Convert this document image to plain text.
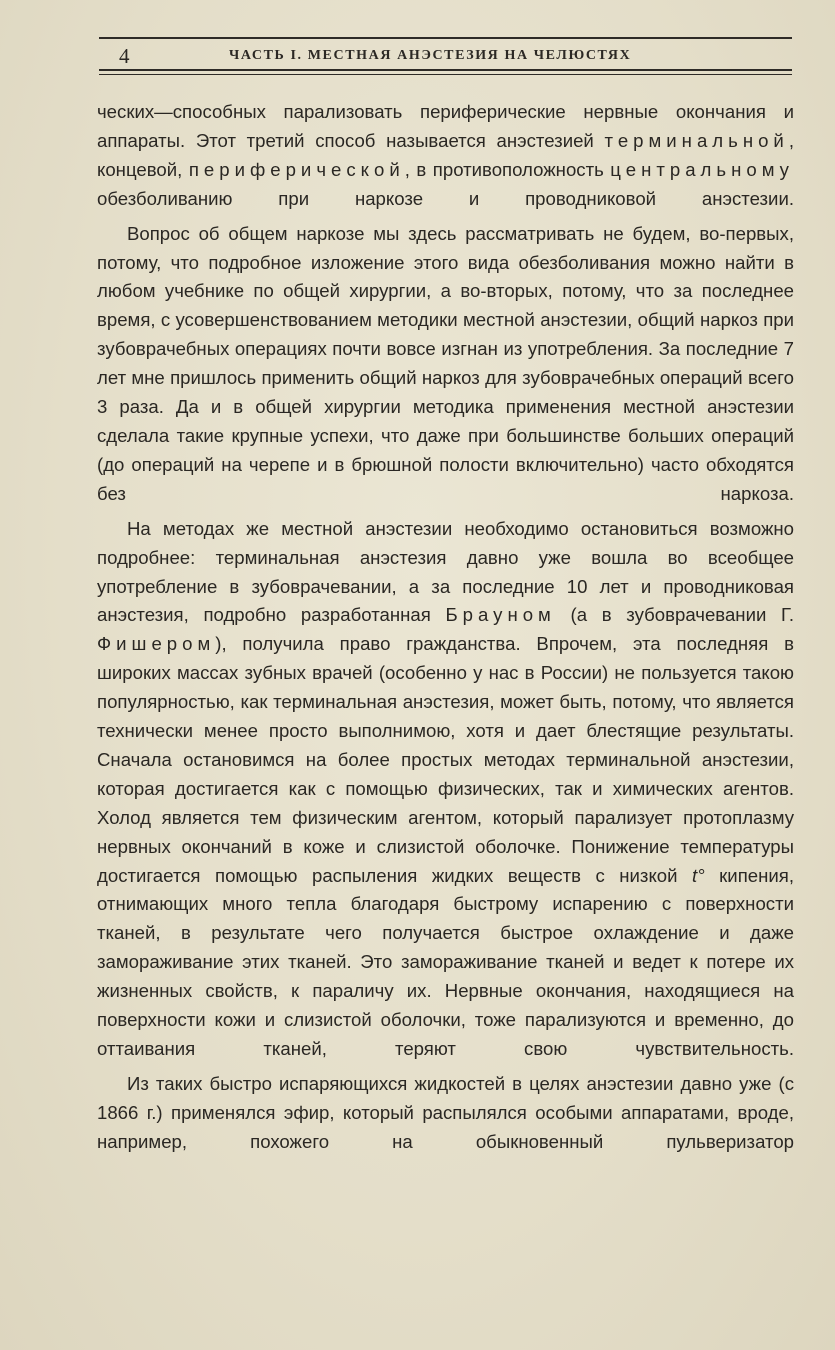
4	ЧАСТЬ I. МЕСТНАЯ АНЭСТЕЗИЯ НА ЧЕЛЮСТЯХ

ческих—способных парализовать периферические нервные окончания и аппараты. Этот третий способ называется анэстезией терминальной, концевой, периферической, в противоположность центральному обезболиванию при наркозе и проводниковой анэстезии.

Вопрос об общем наркозе мы здесь рассматривать не будем, во-первых, потому, что подробное изложение этого вида обезболивания можно найти в любом учебнике по общей хирургии, а во-вторых, потому, что за последнее время, с усовершенствованием методики местной анэстезии, общий наркоз при зубоврачебных операциях почти вовсе изгнан из употребления. За последние 7 лет мне пришлось применить общий наркоз для зубоврачебных операций всего 3 раза. Да и в общей хирургии методика применения местной анэстезии сделала такие крупные успехи, что даже при большинстве больших операций (до операций на черепе и в брюшной полости включительно) часто обходятся без наркоза.

На методах же местной анэстезии необходимо остановиться возможно подробнее: терминальная анэстезия давно уже вошла во всеобщее употребление в зубоврачевании, а за последние 10 лет и проводниковая анэстезия, подробно разработанная Брауном (а в зубоврачевании Г. Фишером), получила право гражданства. Впрочем, эта последняя в широких массах зубных врачей (особенно у нас в России) не пользуется такою популярностью, как терминальная анэстезия, может быть, потому, что является технически менее просто выполнимою, хотя и дает блестящие результаты. Сначала остановимся на более простых методах терминальной анэстезии, которая достигается как с помощью физических, так и химических агентов. Холод является тем физическим агентом, который парализует протоплазму нервных окончаний в коже и слизистой оболочке. Понижение температуры достигается помощью распыления жидких веществ с низкой t° кипения, отнимающих много тепла благодаря быстрому испарению с поверхности тканей, в результате чего получается быстрое охлаждение и даже замораживание этих тканей. Это замораживание тканей и ведет к потере их жизненных свойств, к параличу их. Нервные окончания, находящиеся на поверхности кожи и слизистой оболочки, тоже парализуются и временно, до оттаивания тканей, теряют свою чувствительность.

Из таких быстро испаряющихся жидкостей в целях анэстезии давно уже (с 1866 г.) применялся эфир, который распылялся особыми аппаратами, вроде, например, похожего на обыкновенный пульверизатор
